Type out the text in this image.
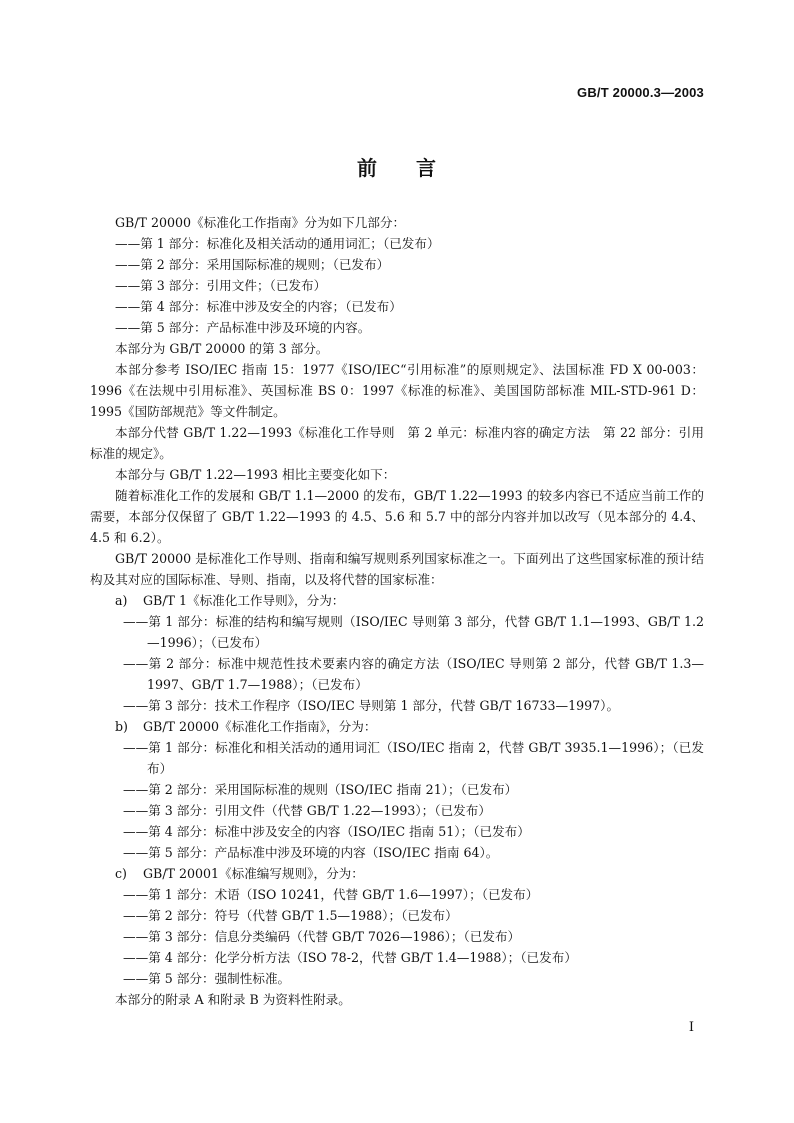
GB/T 20000.3—2003
前 言

GB/T 20000《标准化工作指南》分为如下几部分：

——第 1 部分：标准化及相关活动的通用词汇；（已发布）

——第 2 部分：采用国际标准的规则；（已发布）

——第 3 部分：引用文件；（已发布）

——第 4 部分：标准中涉及安全的内容；（已发布）

——第 5 部分：产品标准中涉及环境的内容。

本部分为 GB/T 20000 的第 3 部分。

本部分参考 ISO/IEC 指南 15：1977《ISO/IEC“引用标准”的原则规定》、法国标准 FD X 00-003：1996《在法规中引用标准》、英国标准 BS 0：1997《标准的标准》、美国国防部标准 MIL-STD-961 D：1995《国防部规范》等文件制定。

本部分代替 GB/T 1.22—1993《标准化工作导则　第 2 单元：标准内容的确定方法　第 22 部分：引用标准的规定》。

本部分与 GB/T 1.22—1993 相比主要变化如下：

随着标准化工作的发展和 GB/T 1.1—2000 的发布，GB/T 1.22—1993 的较多内容已不适应当前工作的需要，本部分仅保留了 GB/T 1.22—1993 的 4.5、5.6 和 5.7 中的部分内容并加以改写（见本部分的 4.4、4.5 和 6.2）。

GB/T 20000 是标准化工作导则、指南和编写规则系列国家标准之一。下面列出了这些国家标准的预计结构及其对应的国际标准、导则、指南，以及将代替的国家标准：

a)	GB/T 1《标准化工作导则》，分为：

——第 1 部分：标准的结构和编写规则（ISO/IEC 导则第 3 部分，代替 GB/T 1.1—1993、GB/T 1.2—1996）；（已发布）

——第 2 部分：标准中规范性技术要素内容的确定方法（ISO/IEC 导则第 2 部分，代替 GB/T 1.3—1997、GB/T 1.7—1988）；（已发布）

——第 3 部分：技术工作程序（ISO/IEC 导则第 1 部分，代替 GB/T 16733—1997）。

b)	GB/T 20000《标准化工作指南》，分为：

——第 1 部分：标准化和相关活动的通用词汇（ISO/IEC 指南 2，代替 GB/T 3935.1—1996）；（已发布）

——第 2 部分：采用国际标准的规则（ISO/IEC 指南 21）；（已发布）

——第 3 部分：引用文件（代替 GB/T 1.22—1993）；（已发布）

——第 4 部分：标准中涉及安全的内容（ISO/IEC 指南 51）；（已发布）

——第 5 部分：产品标准中涉及环境的内容（ISO/IEC 指南 64）。

c)	GB/T 20001《标准编写规则》，分为：

——第 1 部分：术语（ISO 10241，代替 GB/T 1.6—1997）；（已发布）

——第 2 部分：符号（代替 GB/T 1.5—1988）；（已发布）

——第 3 部分：信息分类编码（代替 GB/T 7026—1986）；（已发布）

——第 4 部分：化学分析方法（ISO 78-2，代替 GB/T 1.4—1988）；（已发布）

——第 5 部分：强制性标准。

本部分的附录 A 和附录 B 为资料性附录。

I
